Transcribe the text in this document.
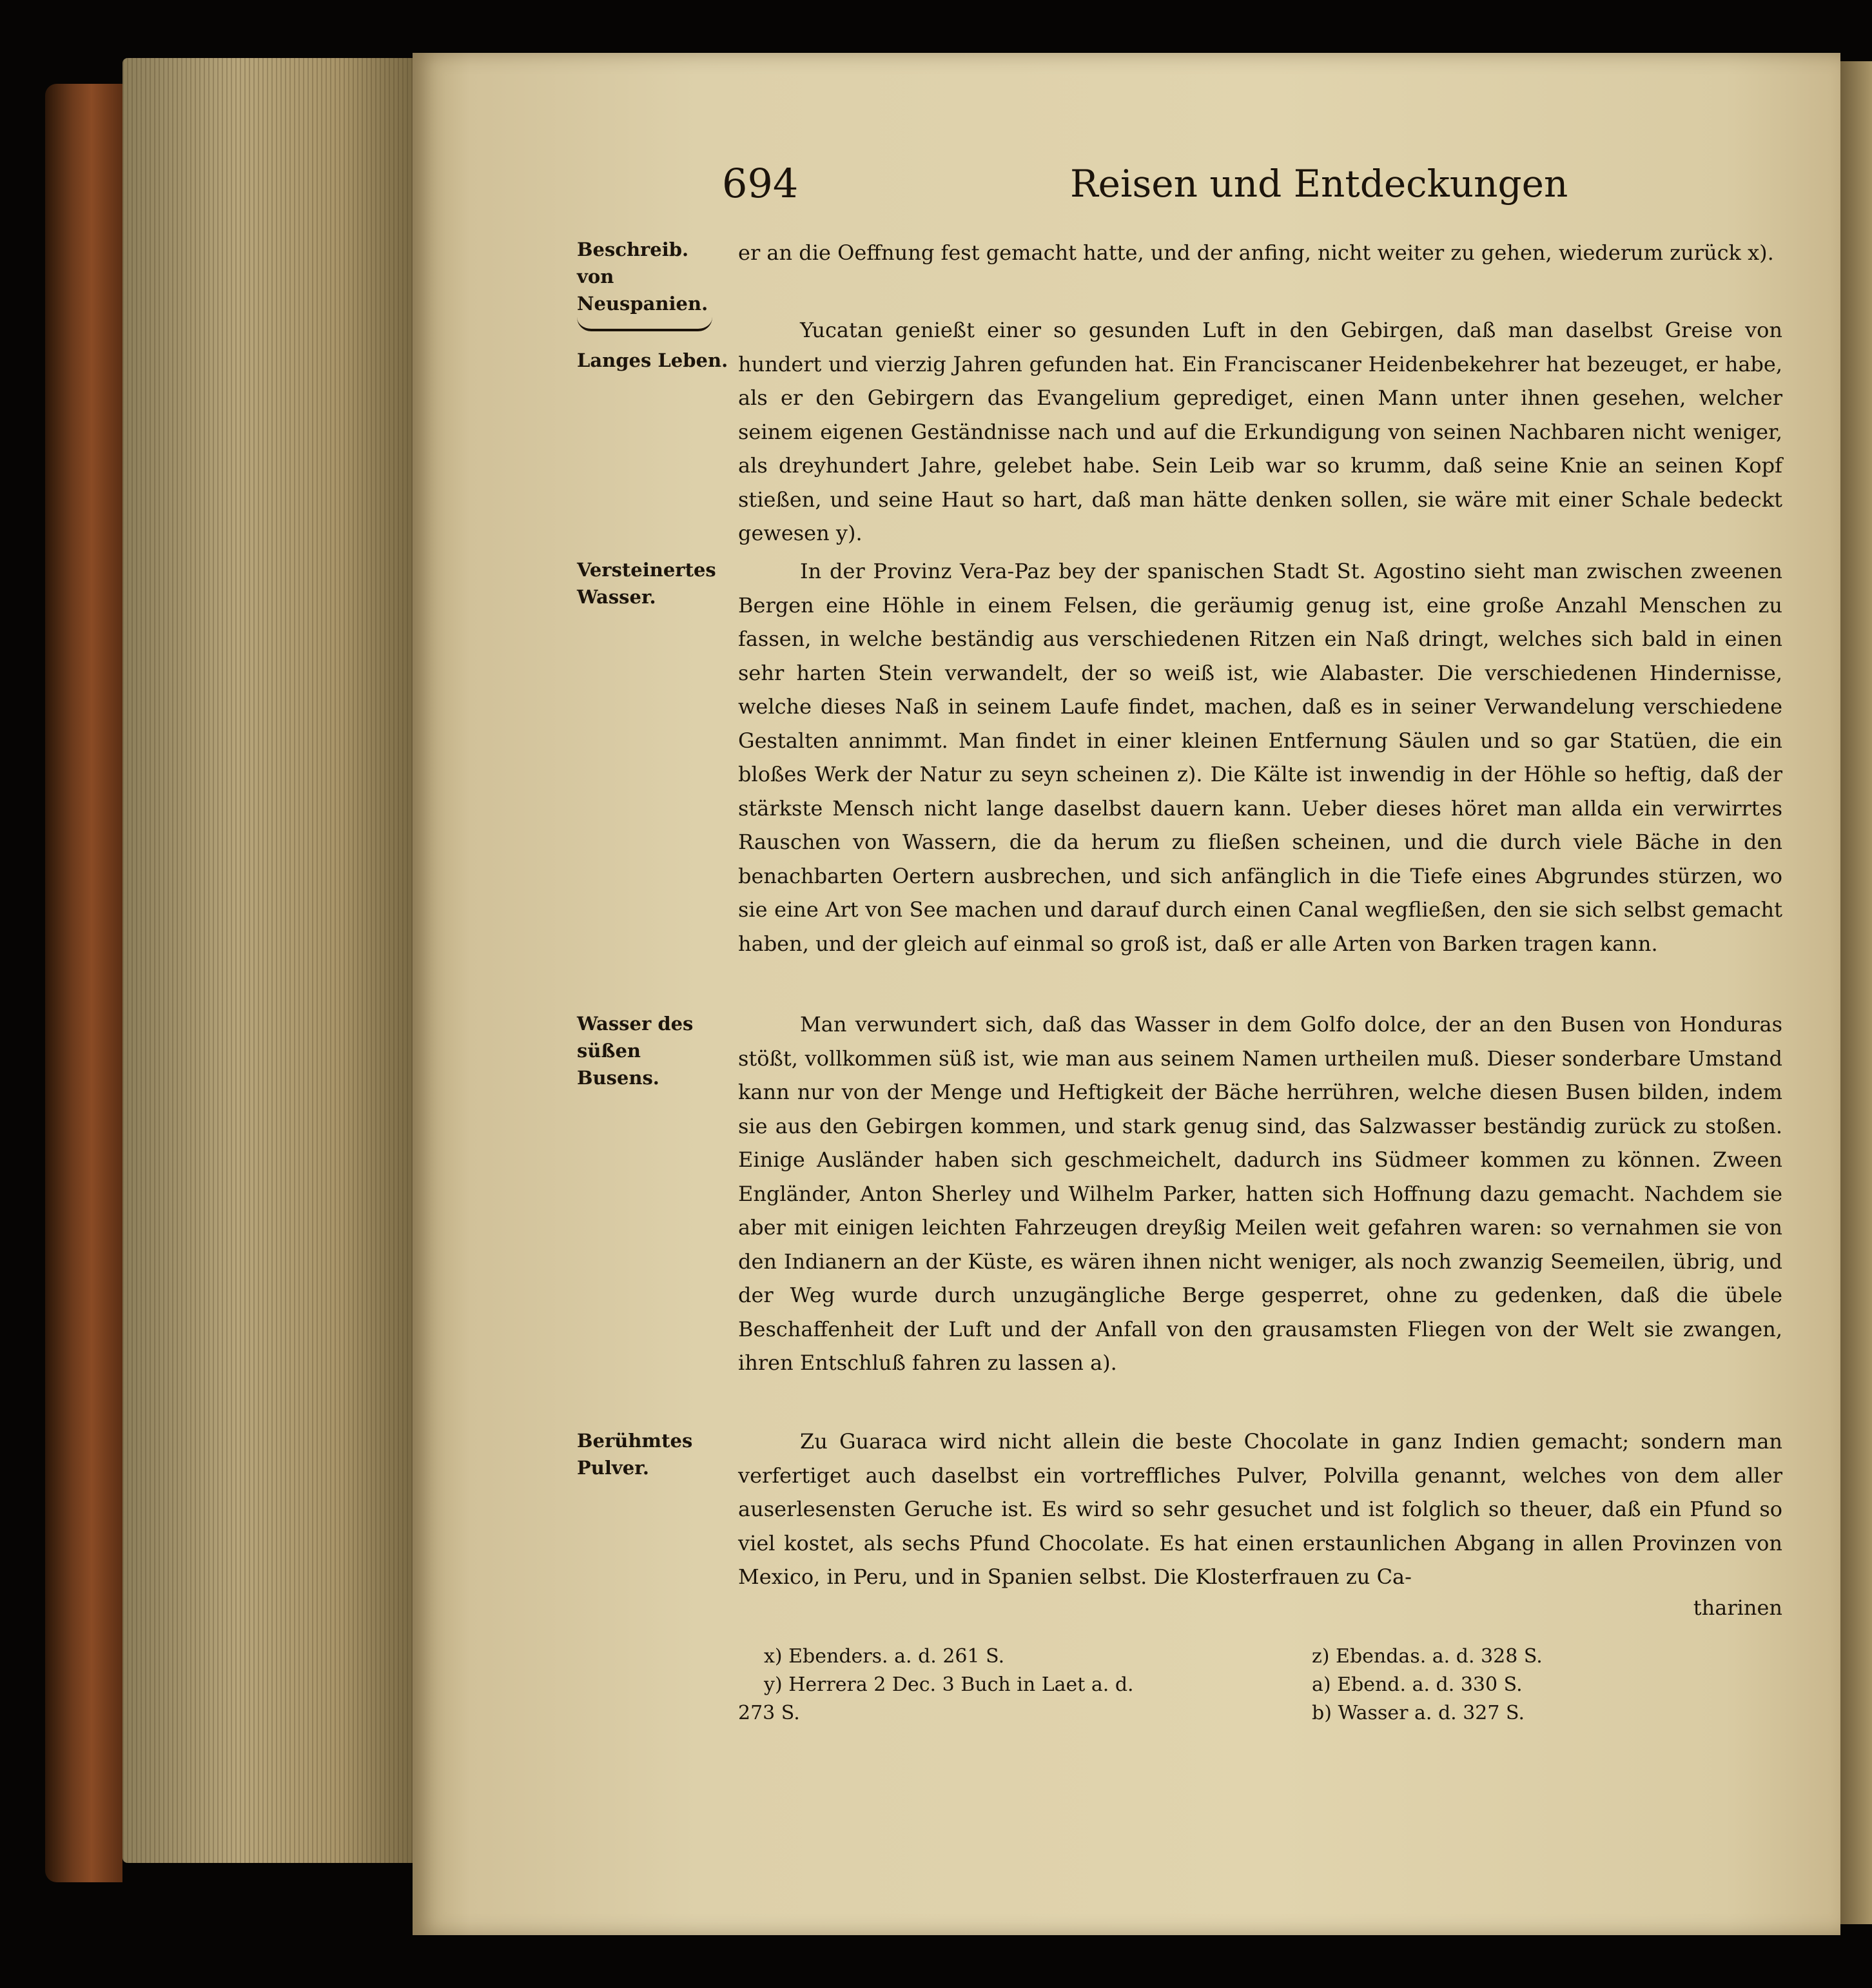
694	Reisen und Entdeckungen
Beschreib. von Neuspanien.
Langes Leben.
Versteinertes Wasser.
Wasser des süßen Busens.
Berühmtes Pulver.

er an die Oeffnung fest gemacht hatte, und der anfing, nicht weiter zu gehen, wiederum zurück x).

Yucatan genießt einer so gesunden Luft in den Gebirgen, daß man daselbst Greise von hundert und vierzig Jahren gefunden hat. Ein Franciscaner Heidenbekehrer hat bezeuget, er habe, als er den Gebirgern das Evangelium geprediget, einen Mann unter ihnen gesehen, welcher seinem eigenen Geständnisse nach und auf die Erkundigung von seinen Nachbaren nicht weniger, als dreyhundert Jahre, gelebet habe. Sein Leib war so krumm, daß seine Knie an seinen Kopf stießen, und seine Haut so hart, daß man hätte denken sollen, sie wäre mit einer Schale bedeckt gewesen y).

In der Provinz Vera-Paz bey der spanischen Stadt St. Agostino sieht man zwischen zweenen Bergen eine Höhle in einem Felsen, die geräumig genug ist, eine große Anzahl Menschen zu fassen, in welche beständig aus verschiedenen Ritzen ein Naß dringt, welches sich bald in einen sehr harten Stein verwandelt, der so weiß ist, wie Alabaster. Die verschiedenen Hindernisse, welche dieses Naß in seinem Laufe findet, machen, daß es in seiner Verwandelung verschiedene Gestalten annimmt. Man findet in einer kleinen Entfernung Säulen und so gar Statüen, die ein bloßes Werk der Natur zu seyn scheinen z). Die Kälte ist inwendig in der Höhle so heftig, daß der stärkste Mensch nicht lange daselbst dauern kann. Ueber dieses höret man allda ein verwirrtes Rauschen von Wassern, die da herum zu fließen scheinen, und die durch viele Bäche in den benachbarten Oertern ausbrechen, und sich anfänglich in die Tiefe eines Abgrundes stürzen, wo sie eine Art von See machen und darauf durch einen Canal wegfließen, den sie sich selbst gemacht haben, und der gleich auf einmal so groß ist, daß er alle Arten von Barken tragen kann.

Man verwundert sich, daß das Wasser in dem Golfo dolce, der an den Busen von Honduras stößt, vollkommen süß ist, wie man aus seinem Namen urtheilen muß. Dieser sonderbare Umstand kann nur von der Menge und Heftigkeit der Bäche herrühren, welche diesen Busen bilden, indem sie aus den Gebirgen kommen, und stark genug sind, das Salzwasser beständig zurück zu stoßen. Einige Ausländer haben sich geschmeichelt, dadurch ins Südmeer kommen zu können. Zween Engländer, Anton Sherley und Wilhelm Parker, hatten sich Hoffnung dazu gemacht. Nachdem sie aber mit einigen leichten Fahrzeugen dreyßig Meilen weit gefahren waren: so vernahmen sie von den Indianern an der Küste, es wären ihnen nicht weniger, als noch zwanzig Seemeilen, übrig, und der Weg wurde durch unzugängliche Berge gesperret, ohne zu gedenken, daß die übele Beschaffenheit der Luft und der Anfall von den grausamsten Fliegen von der Welt sie zwangen, ihren Entschluß fahren zu lassen a).

Zu Guaraca wird nicht allein die beste Chocolate in ganz Indien gemacht; sondern man verfertiget auch daselbst ein vortreffliches Pulver, Polvilla genannt, welches von dem aller auserlesensten Geruche ist. Es wird so sehr gesuchet und ist folglich so theuer, daß ein Pfund so viel kostet, als sechs Pfund Chocolate. Es hat einen erstaunlichen Abgang in allen Provinzen von Mexico, in Peru, und in Spanien selbst. Die Klosterfrauen zu Ca-

tharinen
x) Ebenders. a. d. 261 S.
y) Herrera 2 Dec. 3 Buch in Laet a. d.
273 S.
z) Ebendas. a. d. 328 S.
a) Ebend. a. d. 330 S.
b) Wasser a. d. 327 S.
